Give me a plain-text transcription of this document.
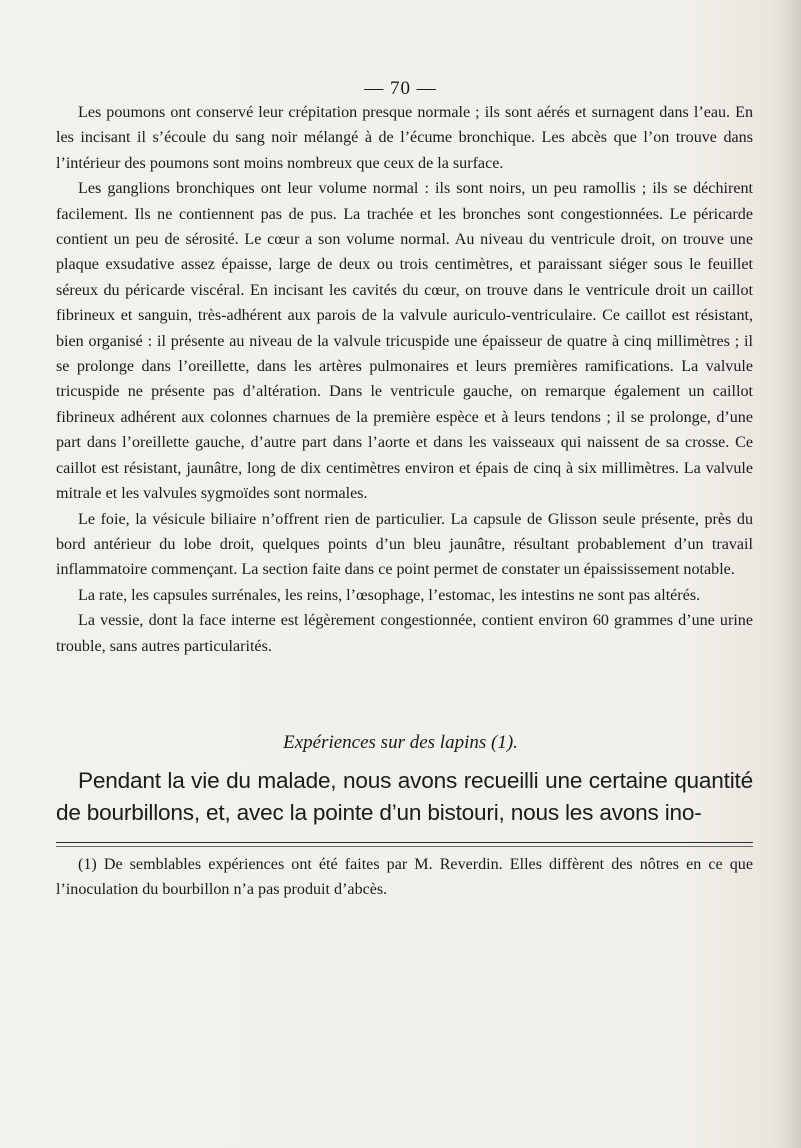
— 70 —

Les poumons ont conservé leur crépitation presque normale ; ils sont aérés et surnagent dans l’eau. En les incisant il s’écoule du sang noir mélangé à de l’écume bronchique. Les abcès que l’on trouve dans l’intérieur des poumons sont moins nombreux que ceux de la surface.

Les ganglions bronchiques ont leur volume normal : ils sont noirs, un peu ramollis ; ils se déchirent facilement. Ils ne contiennent pas de pus. La trachée et les bronches sont congestionnées. Le péricarde contient un peu de sérosité. Le cœur a son volume normal. Au niveau du ventricule droit, on trouve une plaque exsudative assez épaisse, large de deux ou trois centimètres, et paraissant siéger sous le feuillet séreux du péricarde viscéral. En incisant les cavités du cœur, on trouve dans le ventricule droit un caillot fibrineux et sanguin, très-adhérent aux parois de la valvule auriculo-ventriculaire. Ce caillot est résistant, bien organisé : il présente au niveau de la valvule tricuspide une épaisseur de quatre à cinq millimètres ; il se prolonge dans l’oreillette, dans les artères pulmonaires et leurs premières ramifications. La valvule tricuspide ne présente pas d’altération. Dans le ventricule gauche, on remarque également un caillot fibrineux adhérent aux colonnes charnues de la première espèce et à leurs tendons ; il se prolonge, d’une part dans l’oreillette gauche, d’autre part dans l’aorte et dans les vaisseaux qui naissent de sa crosse. Ce caillot est résistant, jaunâtre, long de dix centimètres environ et épais de cinq à six millimètres. La valvule mitrale et les valvules sygmoïdes sont normales.

Le foie, la vésicule biliaire n’offrent rien de particulier. La capsule de Glisson seule présente, près du bord antérieur du lobe droit, quelques points d’un bleu jaunâtre, résultant probablement d’un travail inflammatoire commençant. La section faite dans ce point permet de constater un épaississement notable.

La rate, les capsules surrénales, les reins, l’œsophage, l’estomac, les intestins ne sont pas altérés.

La vessie, dont la face interne est légèrement congestionnée, contient environ 60 grammes d’une urine trouble, sans autres particularités.

Expériences sur des lapins (1).

Pendant la vie du malade, nous avons recueilli une certaine quantité de bourbillons, et, avec la pointe d’un bistouri, nous les avons ino-

(1) De semblables expériences ont été faites par M. Reverdin. Elles diffèrent des nôtres en ce que l’inoculation du bourbillon n’a pas produit d’abcès.
